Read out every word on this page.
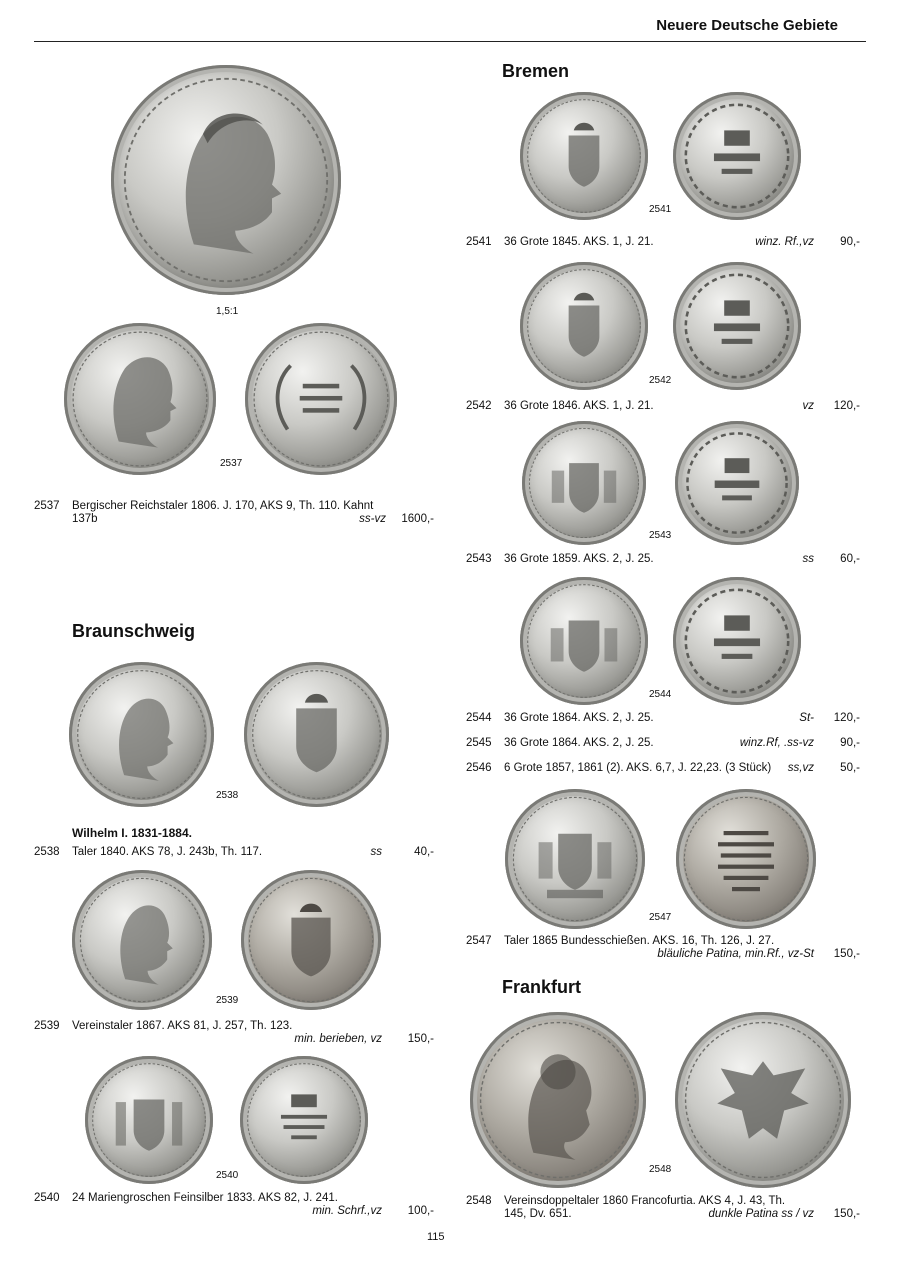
Neuere Deutsche Gebiete
1,5:1
2537
2537 Bergischer Reichstaler 1806. J. 170, AKS 9, Th. 110. Kahnt
137b	ss-vz 1600,-
Braunschweig
2538
Wilhelm I. 1831-1884.
2538 Taler 1840. AKS 78, J. 243b, Th. 117.	ss	40,-
2539
2539 Vereinstaler 1867. AKS 81, J. 257, Th. 123.
min. berieben, vz 150,-
2540
2540 24 Mariengroschen Feinsilber 1833. AKS 82, J. 241.
min. Schrf.,vz 100,-
Bremen
2541
2541 36 Grote 1845. AKS. 1, J. 21.	winz. Rf.,vz 90,-
2542
2542 36 Grote 1846. AKS. 1, J. 21.	vz 120,-
2543
2543 36 Grote 1859. AKS. 2, J. 25.	ss 60,-
2544
2544 36 Grote 1864. AKS. 2, J. 25.	St- 120,-
2545 36 Grote 1864. AKS. 2, J. 25.	winz.Rf, .ss-vz 90,-
2546 6 Grote 1857, 1861 (2). AKS. 6,7, J. 22,23. (3 Stück) ss,vz 50,-
2547
2547 Taler 1865 Bundesschießen. AKS. 16, Th. 126, J. 27.
bläuliche Patina, min.Rf., vz-St 150,-
Frankfurt
2548
2548 Vereinsdoppeltaler 1860 Francofurtia. AKS 4, J. 43, Th.
145, Dv. 651.	dunkle Patina ss / vz 150,-
115
